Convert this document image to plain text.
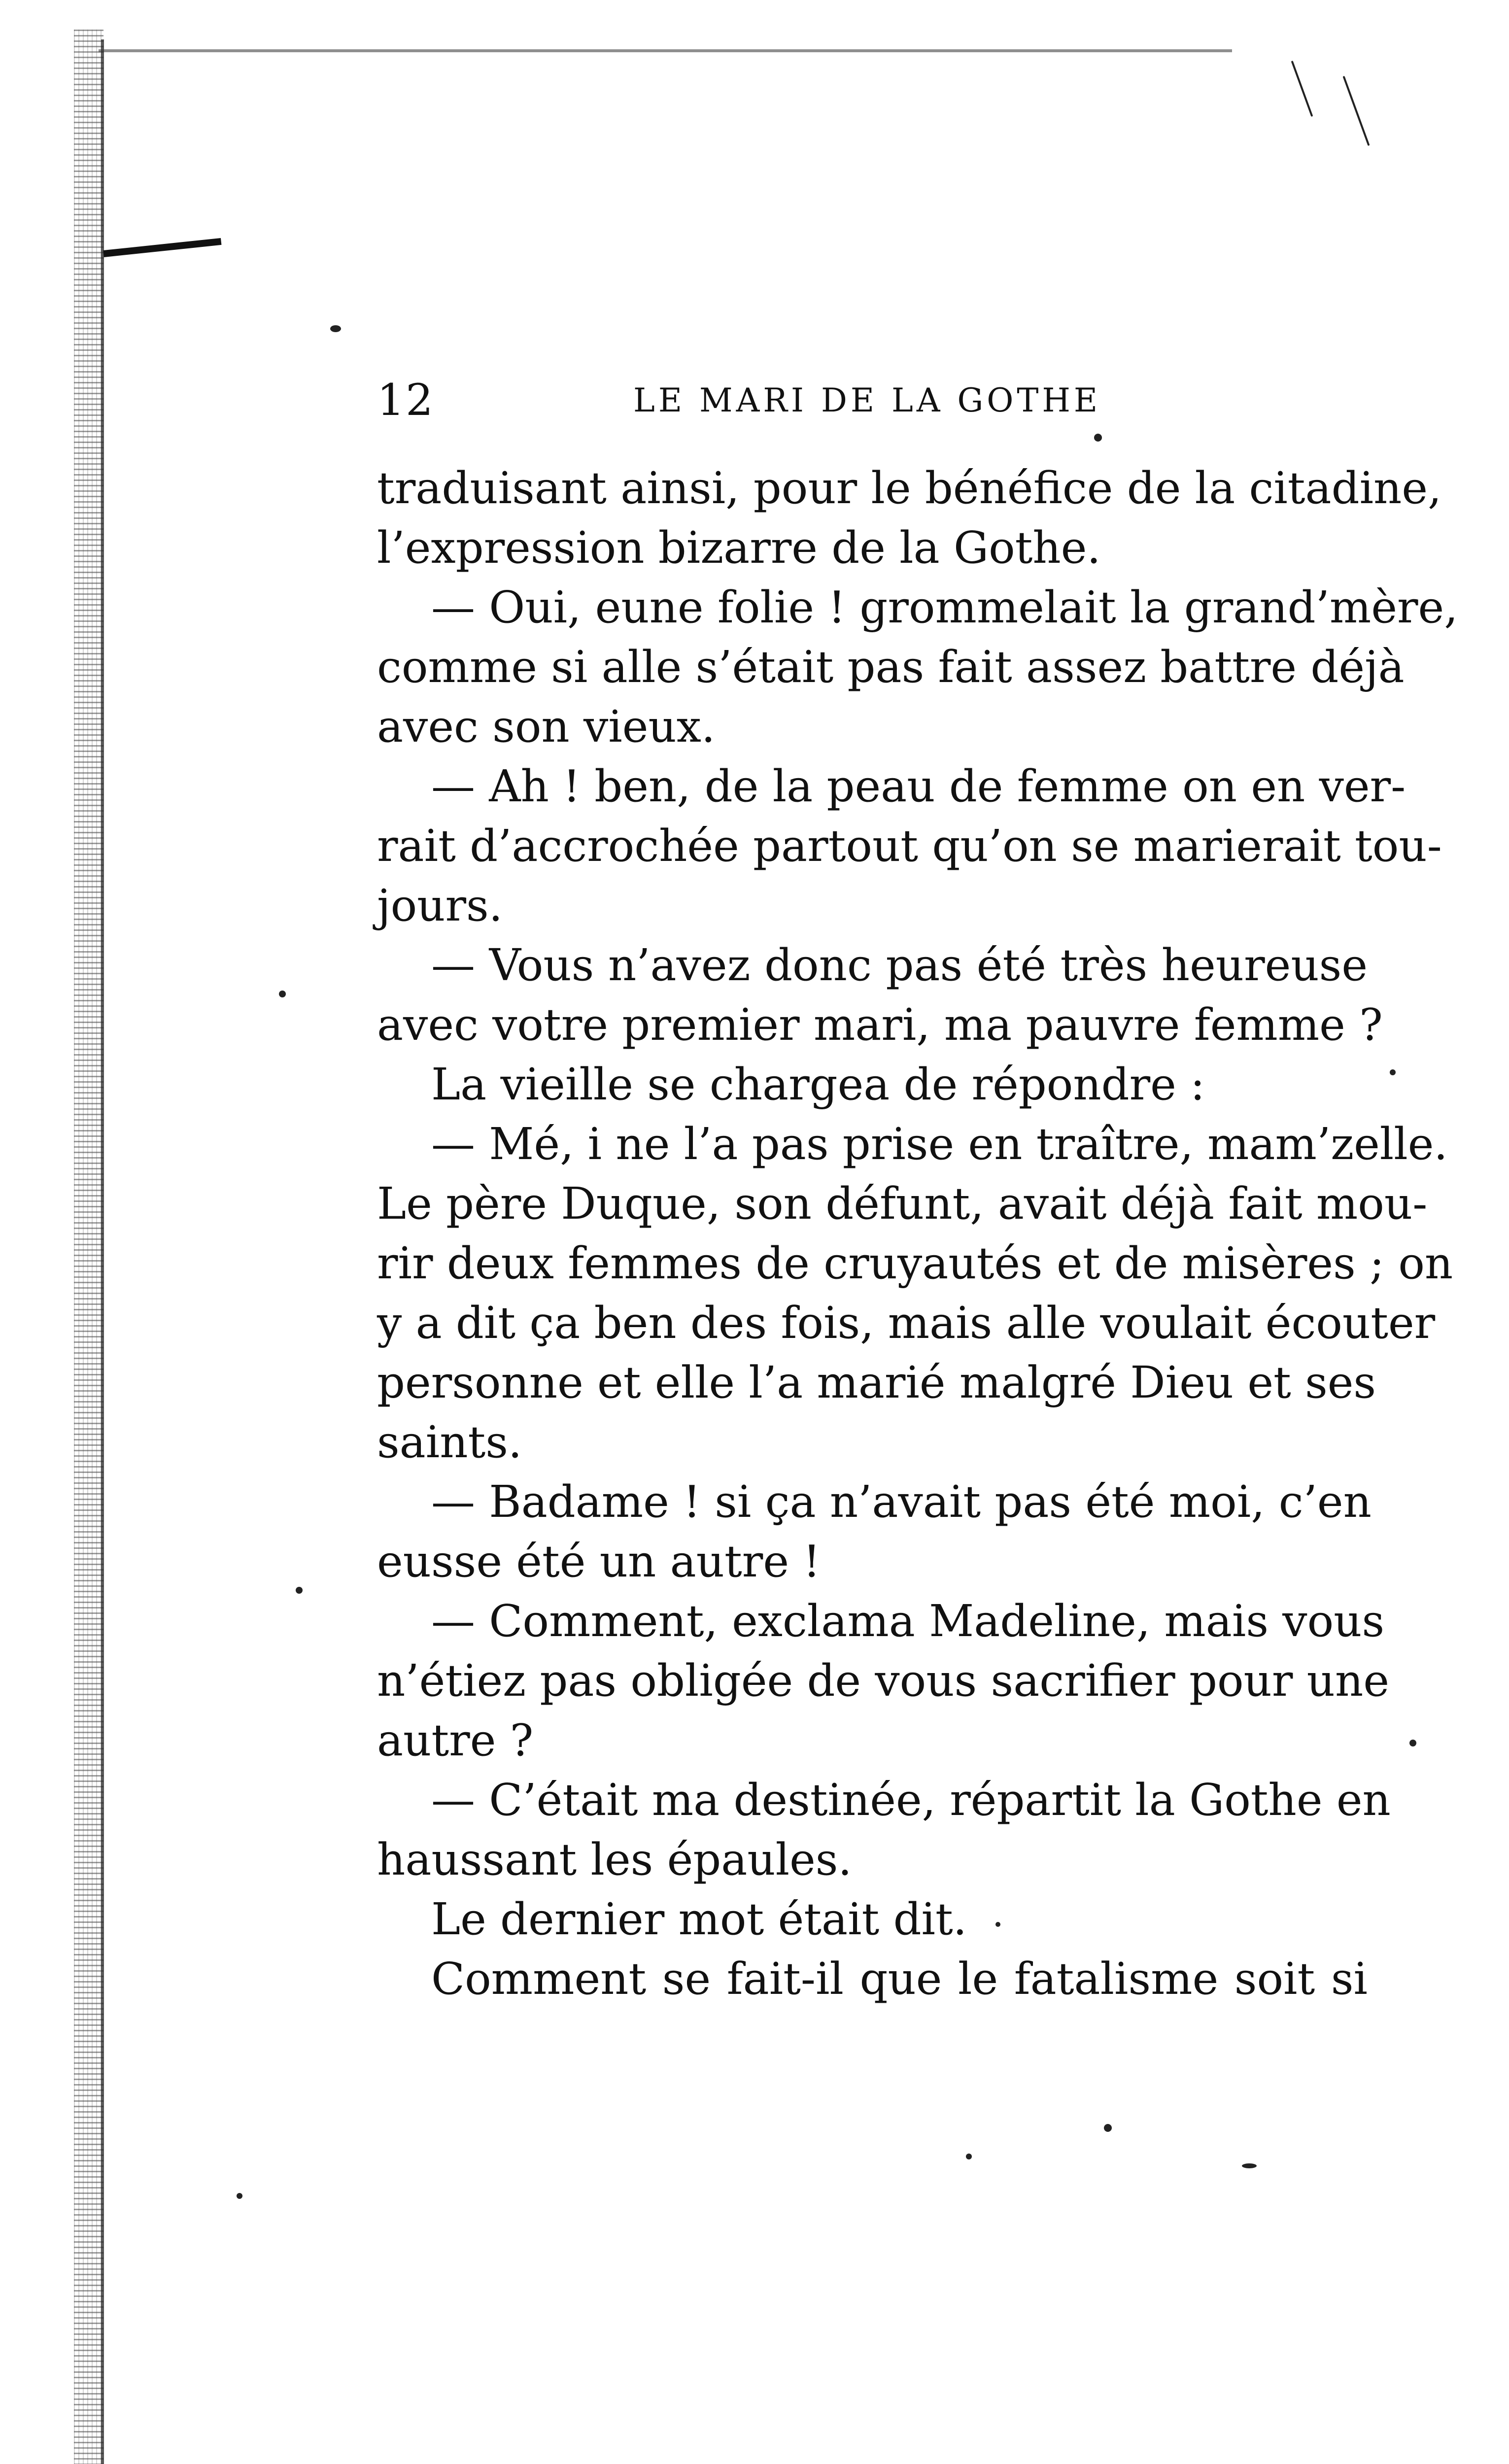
12	LE MARI DE LA GOTHE
traduisant ainsi, pour le bénéfice de la citadine,
l’expression bizarre de la Gothe.
— Oui, eune folie ! grommelait la grand’mère,
comme si alle s’était pas fait assez battre déjà
avec son vieux.
— Ah ! ben, de la peau de femme on en ver-
rait d’accrochée partout qu’on se marierait tou-
jours.
— Vous n’avez donc pas été très heureuse
avec votre premier mari, ma pauvre femme ?
La vieille se chargea de répondre :
— Mé, i ne l’a pas prise en traître, mam’zelle.
Le père Duque, son défunt, avait déjà fait mou-
rir deux femmes de cruyautés et de misères ; on
y a dit ça ben des fois, mais alle voulait écouter
personne et elle l’a marié malgré Dieu et ses
saints.
— Badame ! si ça n’avait pas été moi, c’en
eusse été un autre !
— Comment, exclama Madeline, mais vous
n’étiez pas obligée de vous sacrifier pour une
autre ?
— C’était ma destinée, répartit la Gothe en
haussant les épaules.
Le dernier mot était dit.
Comment se fait-il que le fatalisme soit si
